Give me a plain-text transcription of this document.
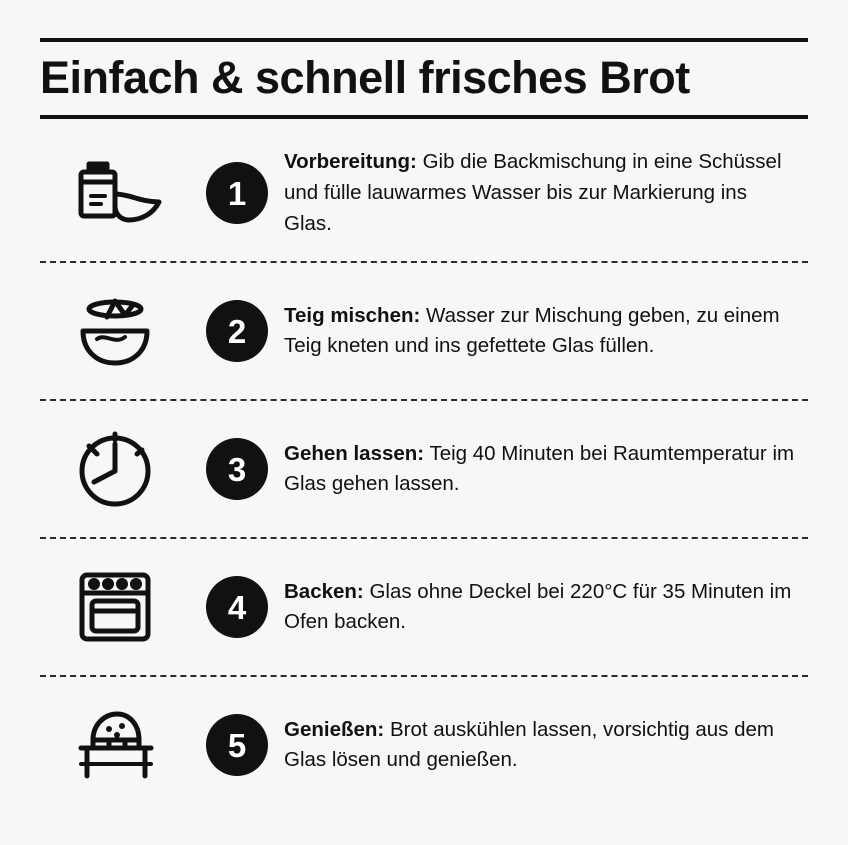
Einfach & schnell frisches Brot
1
Vorbereitung: Gib die Backmischung in eine Schüssel und fülle lauwarmes Wasser bis zur Markierung ins Glas.
2	Teig mischen: Wasser zur Mischung geben, zu einem Teig kneten und ins gefettete Glas füllen.
3	Gehen lassen: Teig 40 Minuten bei Raumtemperatur im Glas gehen lassen.
4	Backen: Glas ohne Deckel bei 220°C für 35 Minuten im Ofen backen.
5	Genießen: Brot auskühlen lassen, vorsichtig aus dem Glas lösen und genießen.
